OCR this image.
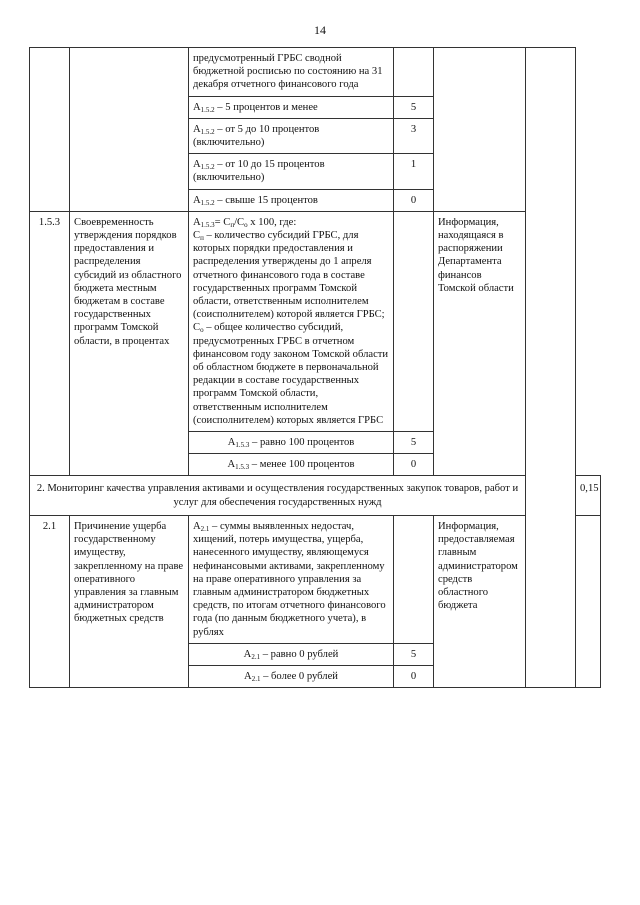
14
		предусмотренный ГРБС сводной бюджетной росписью по состоянию на 31 декабря отчетного финансового года				
		$А_{1.5.2} - 5$ процентов и менее	5			
		$А_{1.5.2}$ – от 5 до 10 процентов (включительно)	3			
		$А_{1.5.2}$ – от 10 до 15 процентов (включительно)	1			
		$А_{1.5.2}$ – свыше 15 процентов	0			
1.5.3	Своевременность утверждения порядков предоставления и распределения субсидий из областного бюджета местным бюджетам в составе государственных программ Томской области, в процентах	$А_{1.5.3}= С_п/С_о$ х 100, где:
$С_п$ – количество субсидий ГРБС, для которых порядки предоставления и распределения утверждены до 1 апреля отчетного финансового года в составе государственных программ Томской области, ответственным исполнителем (соисполнителем) которой является ГРБС;
$С_о$ – общее количество субсидий, предусмотренных ГРБС в отчетном финансовом году законом Томской области об областном бюджете в первоначальной редакции в составе государственных программ Томской области, ответственным исполнителем (соисполнителем) которых является ГРБС		Информация, находящаяся в распоряжении Департамента финансов Томской области		
		$А_{1.5.3}$ – равно 100 процентов	5			
		$А_{1.5.3}$ – менее 100 процентов	0			
2. Мониторинг качества управления активами и осуществления государственных закупок товаров, работ и услуг для обеспечения государственных нужд						0,15
2.1	Причинение ущерба государственному имуществу, закрепленному на праве оперативного управления за главным администратором бюджетных средств	$А_{2.1}$ – суммы выявленных недостач, хищений, потерь имущества, ущерба, нанесенного имуществу, являющемуся нефинансовыми активами, закрепленному на праве оперативного управления за главным администратором бюджетных средств, по итогам отчетного финансового года (по данным бюджетного учета), в рублях		Информация, предоставляемая главным администратором средств областного бюджета		
		$А_{2.1}$ – равно 0 рублей	5			
		$А_{2.1}$ – более 0 рублей	0			
